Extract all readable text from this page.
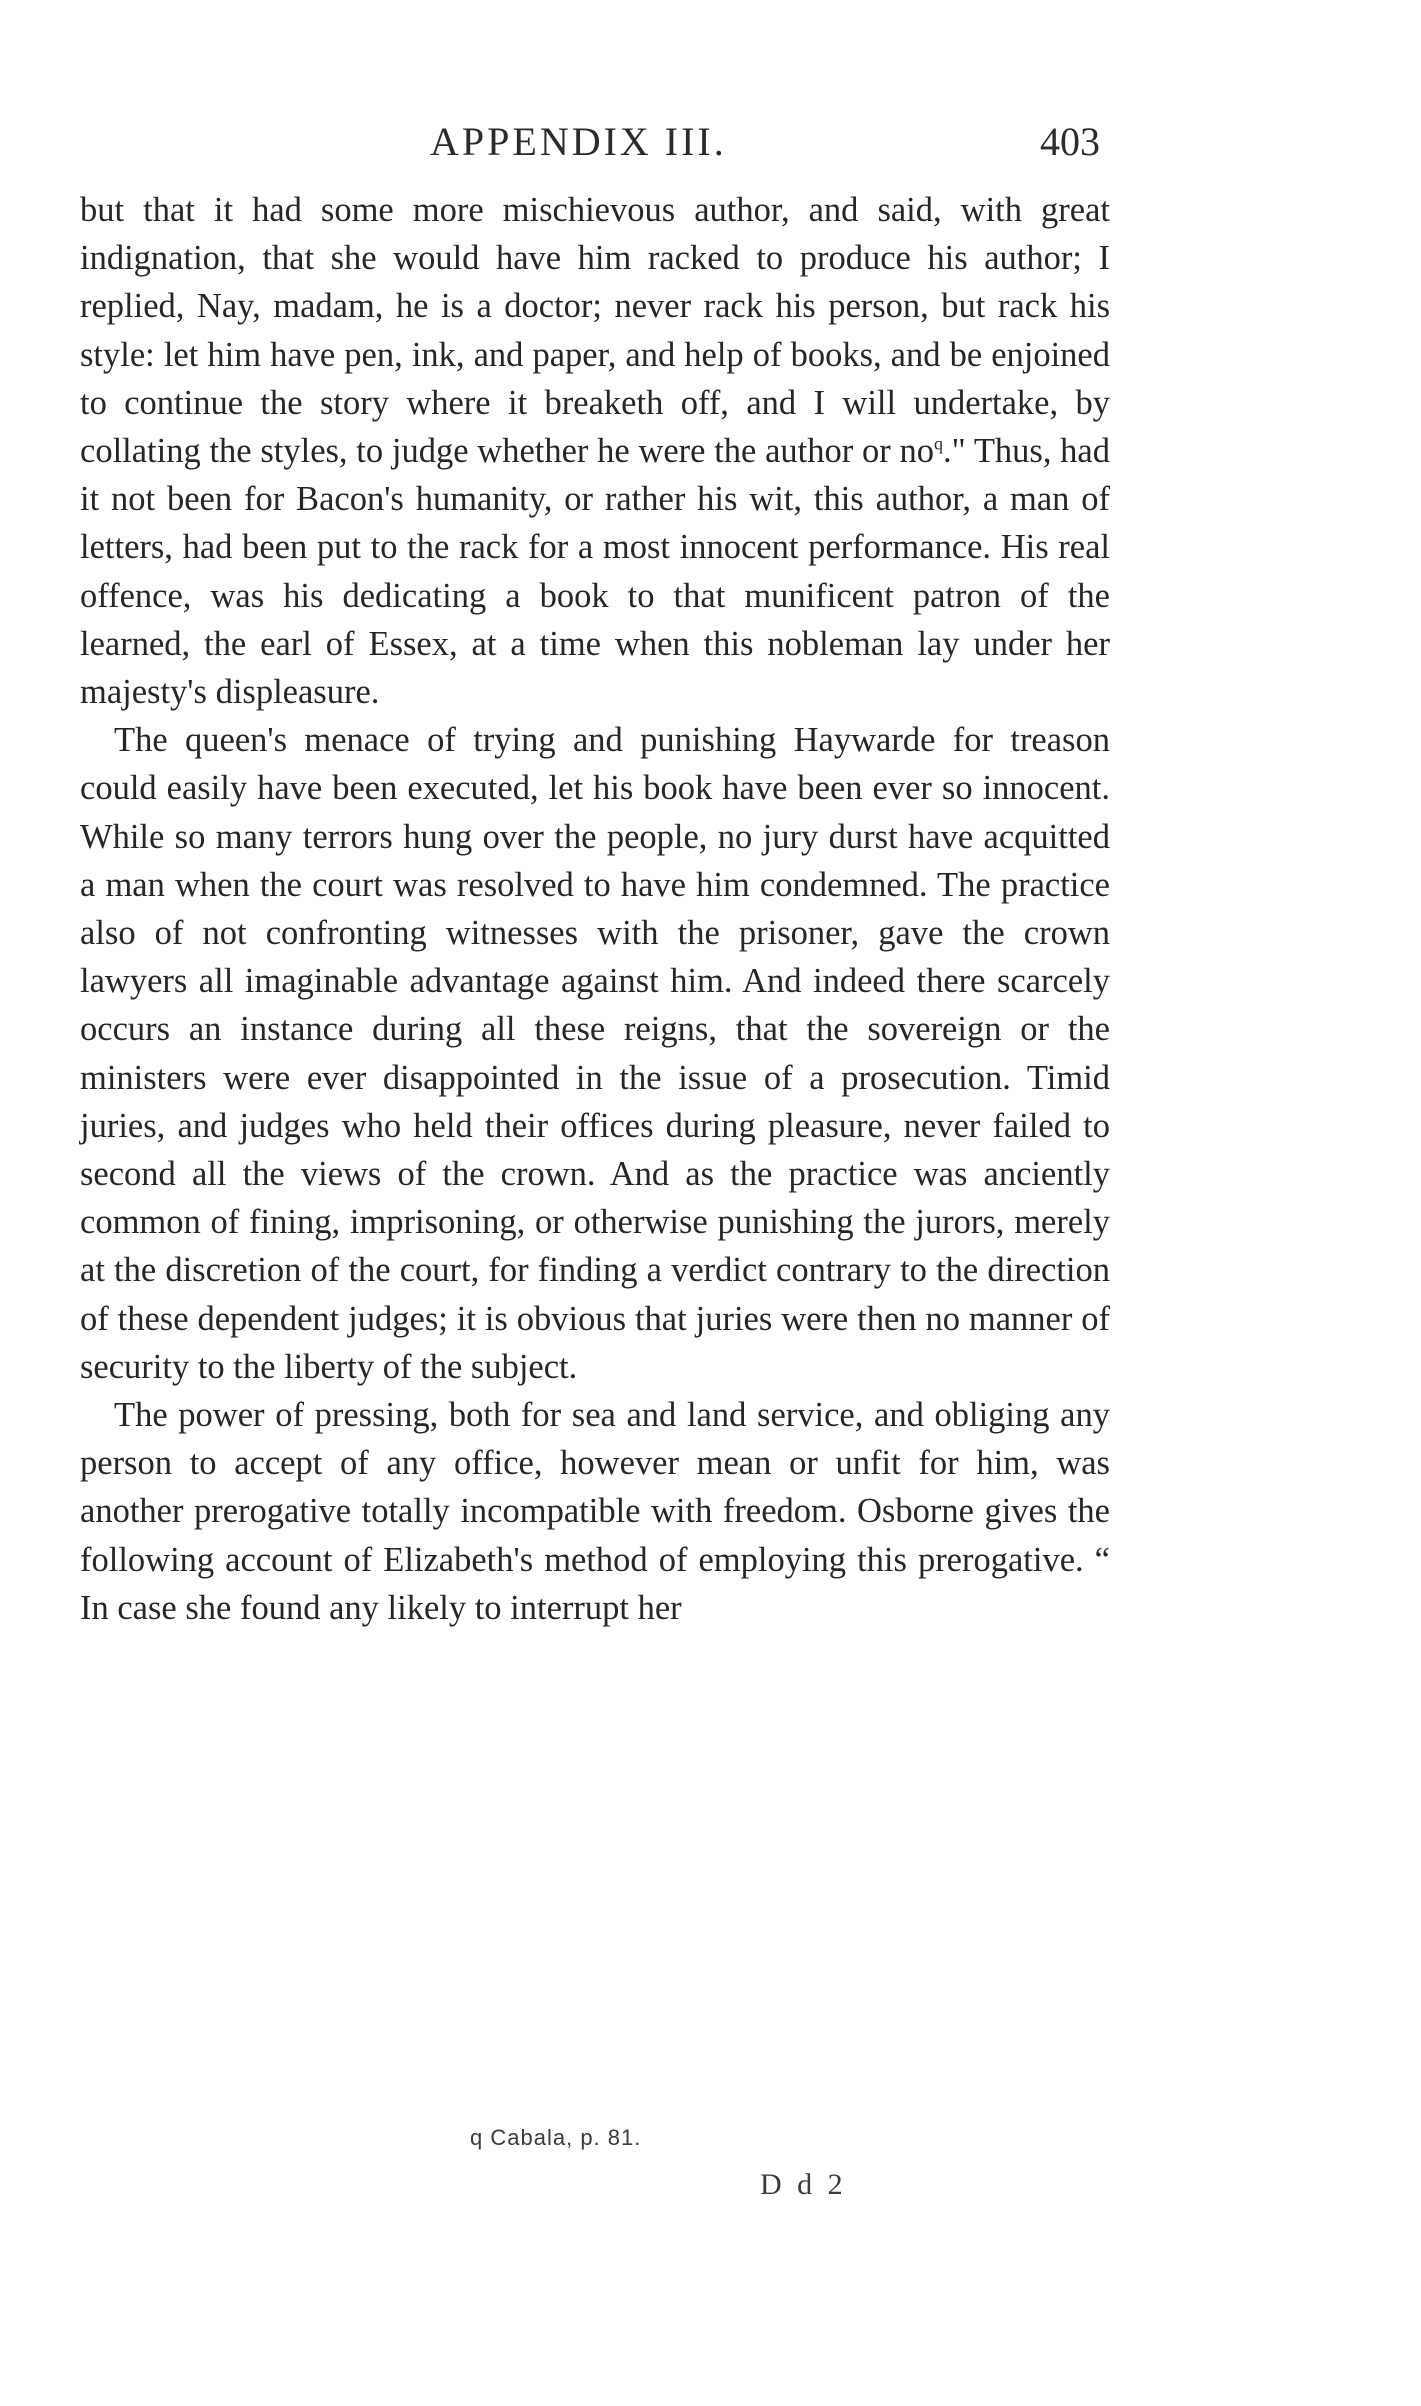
APPENDIX III.	403

but that it had some more mischievous author, and said, with great indignation, that she would have him racked to produce his author; I replied, Nay, madam, he is a doctor; never rack his person, but rack his style: let him have pen, ink, and paper, and help of books, and be enjoined to continue the story where it breaketh off, and I will undertake, by collating the styles, to judge whether he were the author or no$^q$." Thus, had it not been for Bacon's humanity, or rather his wit, this author, a man of letters, had been put to the rack for a most innocent performance. His real offence, was his dedicating a book to that munificent patron of the learned, the earl of Essex, at a time when this nobleman lay under her majesty's displeasure.

The queen's menace of trying and punishing Haywarde for treason could easily have been executed, let his book have been ever so innocent. While so many terrors hung over the people, no jury durst have acquitted a man when the court was resolved to have him condemned. The practice also of not confronting witnesses with the prisoner, gave the crown lawyers all imaginable advantage against him. And indeed there scarcely occurs an instance during all these reigns, that the sovereign or the ministers were ever disappointed in the issue of a prosecution. Timid juries, and judges who held their offices during pleasure, never failed to second all the views of the crown. And as the practice was anciently common of fining, imprisoning, or otherwise punishing the jurors, merely at the discretion of the court, for finding a verdict contrary to the direction of these dependent judges; it is obvious that juries were then no manner of security to the liberty of the subject.

The power of pressing, both for sea and land service, and obliging any person to accept of any office, however mean or unfit for him, was another prerogative totally incompatible with freedom. Osborne gives the following account of Elizabeth's method of employing this prerogative. “ In case she found any likely to interrupt her

q Cabala, p. 81.
D d 2
